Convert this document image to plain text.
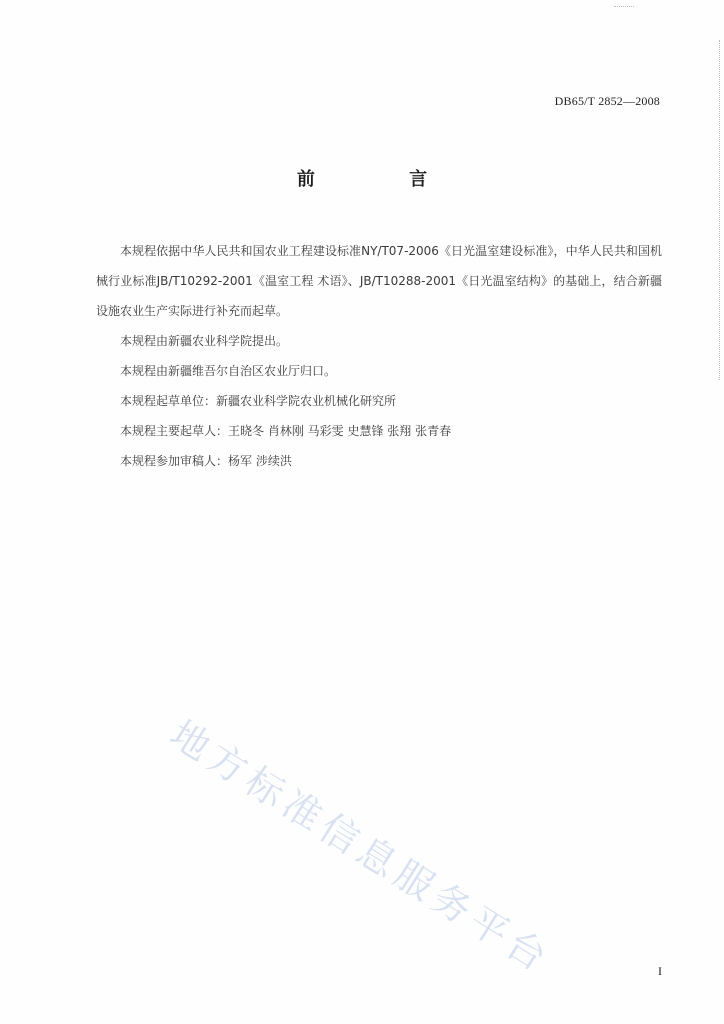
DB65/T 2852—2008
前 言

本规程依据中华人民共和国农业工程建设标准NY/T07-2006《日光温室建设标准》，中华人民共和国机械行业标准JB/T10292-2001《温室工程 术语》、JB/T10288-2001《日光温室结构》的基础上，结合新疆设施农业生产实际进行补充而起草。

本规程由新疆农业科学院提出。

本规程由新疆维吾尔自治区农业厅归口。

本规程起草单位：新疆农业科学院农业机械化研究所

本规程主要起草人：王晓冬 肖林刚 马彩雯 史慧锋 张翔 张青春

本规程参加审稿人：杨军 涉续洪

地方标准信息服务平台	I
